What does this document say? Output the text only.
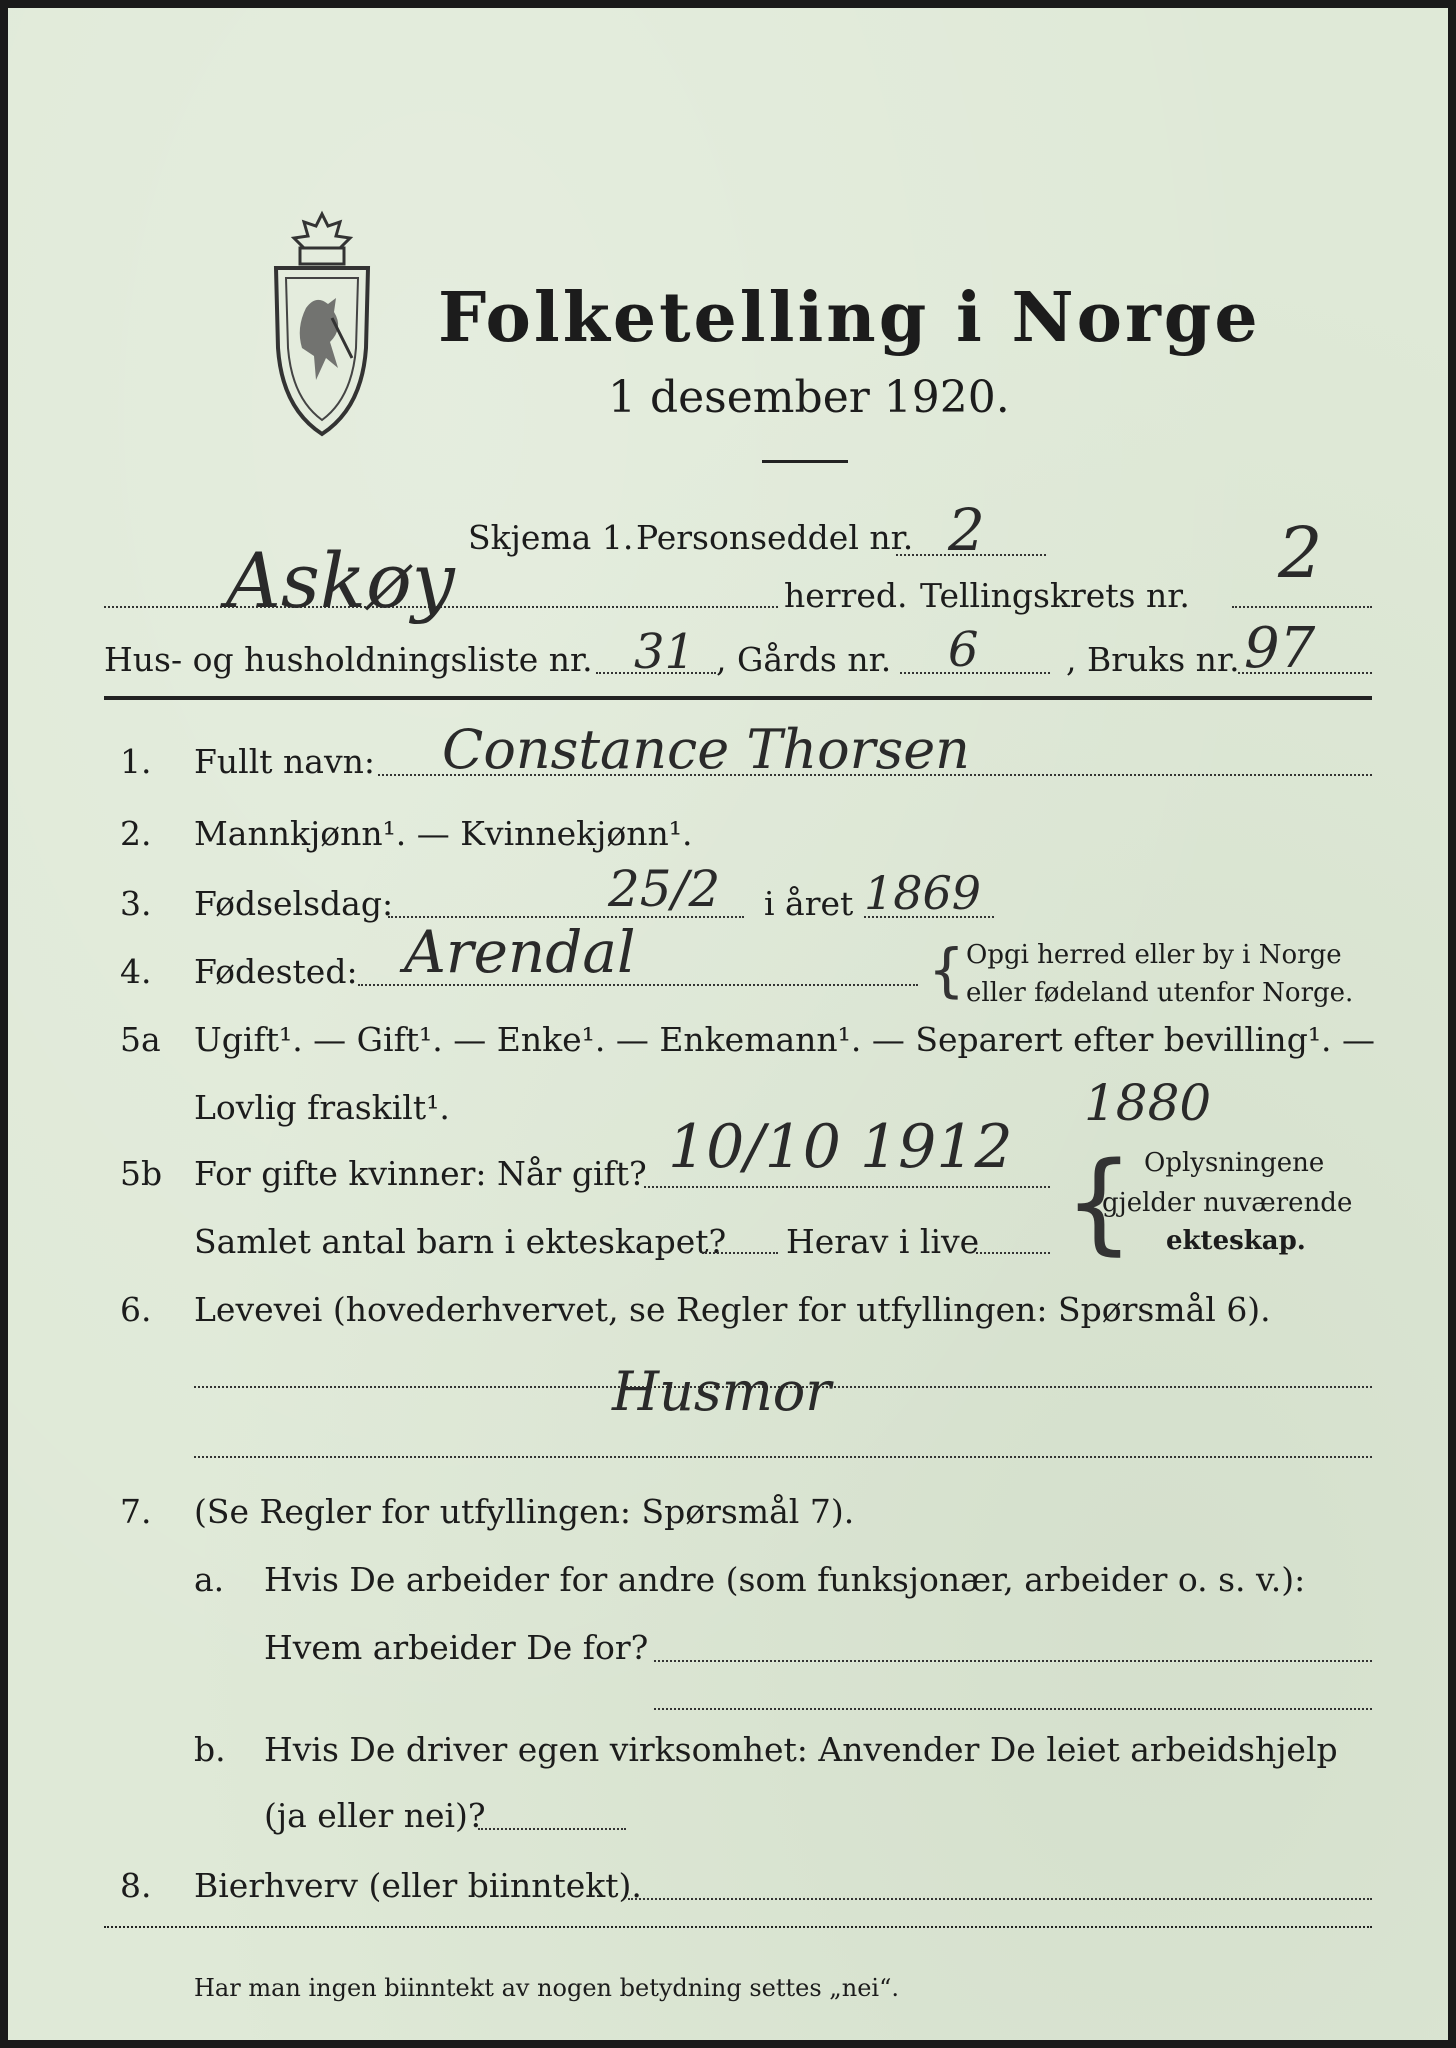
Folketelling i Norge
1 desember 1920.
Skjema 1. Personseddel nr. 2
Askøy	herred. Tellingskrets nr.
2
Hus- og husholdningsliste nr. 31 , Gårds nr. 6	, Bruks nr. 97
1. Fullt navn: Constance Thorsen
2. Mannkjønn¹. — Kvinnekjønn¹.
3. Fødselsdag:	25/2 i året 1869
4. Fødested: Arendal	{ Opgi herred eller by i Norge
eller fødeland utenfor Norge.
5a Ugift¹. — Gift¹. — Enke¹. — Enkemann¹. — Separert efter bevilling¹. —
Lovlig fraskilt¹.	1880
5b For gifte kvinner: Når gift? 10/10 1912
Samlet antal barn i ekteskapet? Herav i live { Oplysningene
gjelder nuværende
ekteskap.
6. Levevei (hovederhvervet, se Regler for utfyllingen: Spørsmål 6).
Husmor
7. (Se Regler for utfyllingen: Spørsmål 7).
a. Hvis De arbeider for andre (som funksjonær, arbeider o. s. v.):
Hvem arbeider De for?
b. Hvis De driver egen virksomhet: Anvender De leiet arbeidshjelp
(ja eller nei)?
8. Bierhverv (eller biinntekt).
Har man ingen biinntekt av nogen betydning settes „nei“.
